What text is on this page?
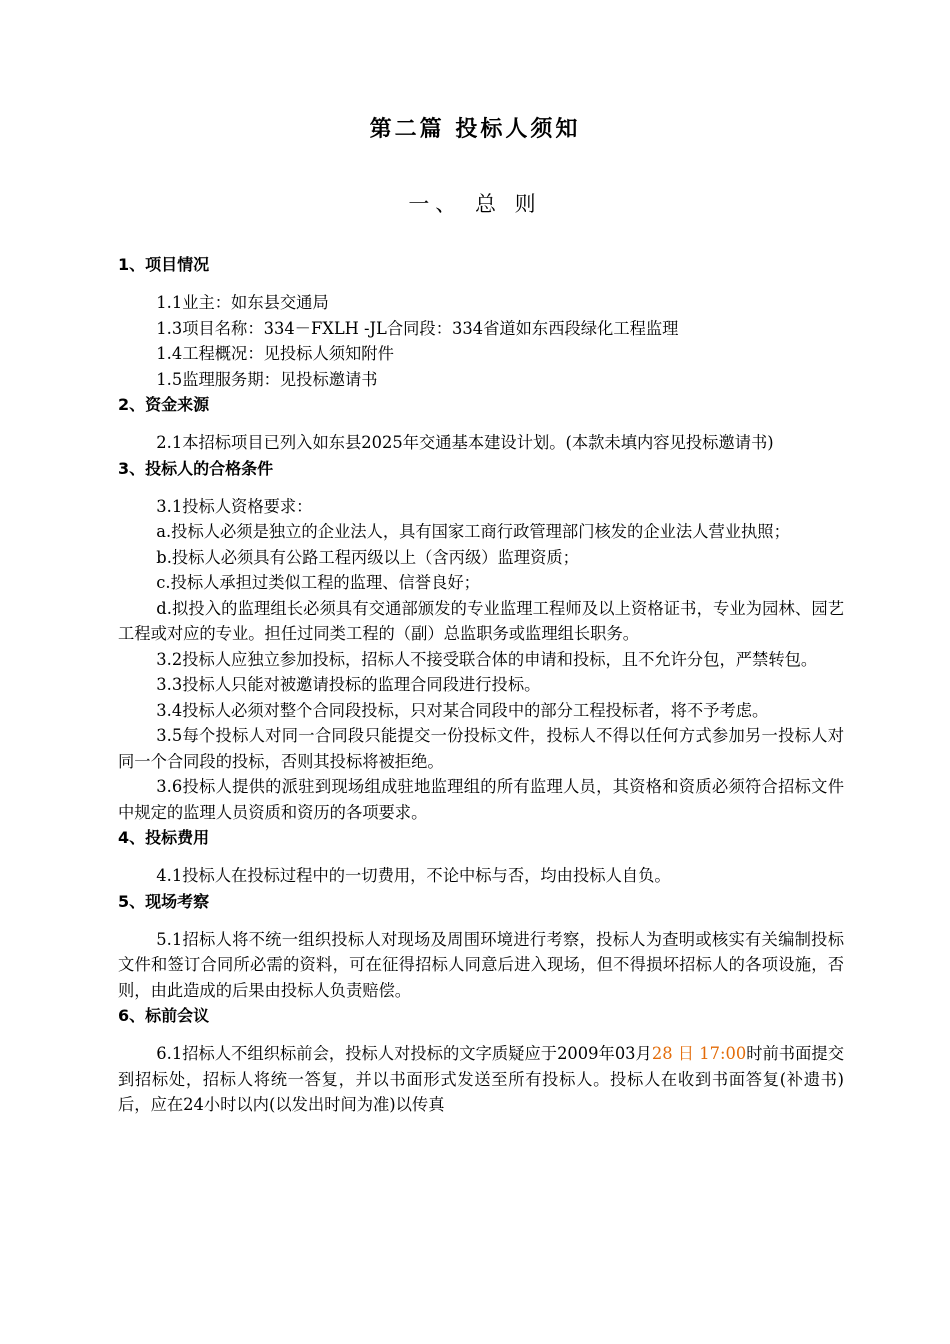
第二篇 投标人须知
一、 总 则
1、项目情况

1.1业主：如东县交通局

1.3项目名称：334－FXLH -JL合同段：334省道如东西段绿化工程监理

1.4工程概况：见投标人须知附件

1.5监理服务期：见投标邀请书

2、资金来源

2.1本招标项目已列入如东县2025年交通基本建设计划。(本款未填内容见投标邀请书)

3、投标人的合格条件

3.1投标人资格要求：

a.投标人必须是独立的企业法人，具有国家工商行政管理部门核发的企业法人营业执照；

b.投标人必须具有公路工程丙级以上（含丙级）监理资质；

c.投标人承担过类似工程的监理、信誉良好；

d.拟投入的监理组长必须具有交通部颁发的专业监理工程师及以上资格证书，专业为园林、园艺工程或对应的专业。担任过同类工程的（副）总监职务或监理组长职务。

3.2投标人应独立参加投标，招标人不接受联合体的申请和投标，且不允许分包，严禁转包。

3.3投标人只能对被邀请投标的监理合同段进行投标。

3.4投标人必须对整个合同段投标，只对某合同段中的部分工程投标者，将不予考虑。

3.5每个投标人对同一合同段只能提交一份投标文件，投标人不得以任何方式参加另一投标人对同一个合同段的投标，否则其投标将被拒绝。

3.6投标人提供的派驻到现场组成驻地监理组的所有监理人员，其资格和资质必须符合招标文件中规定的监理人员资质和资历的各项要求。

4、投标费用

4.1投标人在投标过程中的一切费用，不论中标与否，均由投标人自负。

5、现场考察

5.1招标人将不统一组织投标人对现场及周围环境进行考察，投标人为查明或核实有关编制投标文件和签订合同所必需的资料，可在征得招标人同意后进入现场，但不得损坏招标人的各项设施，否则，由此造成的后果由投标人负责赔偿。

6、标前会议

6.1招标人不组织标前会，投标人对投标的文字质疑应于2009年03月28 日 17:00时前书面提交到招标处，招标人将统一答复，并以书面形式发送至所有投标人。投标人在收到书面答复(补遗书)后，应在24小时以内(以发出时间为准)以传真
